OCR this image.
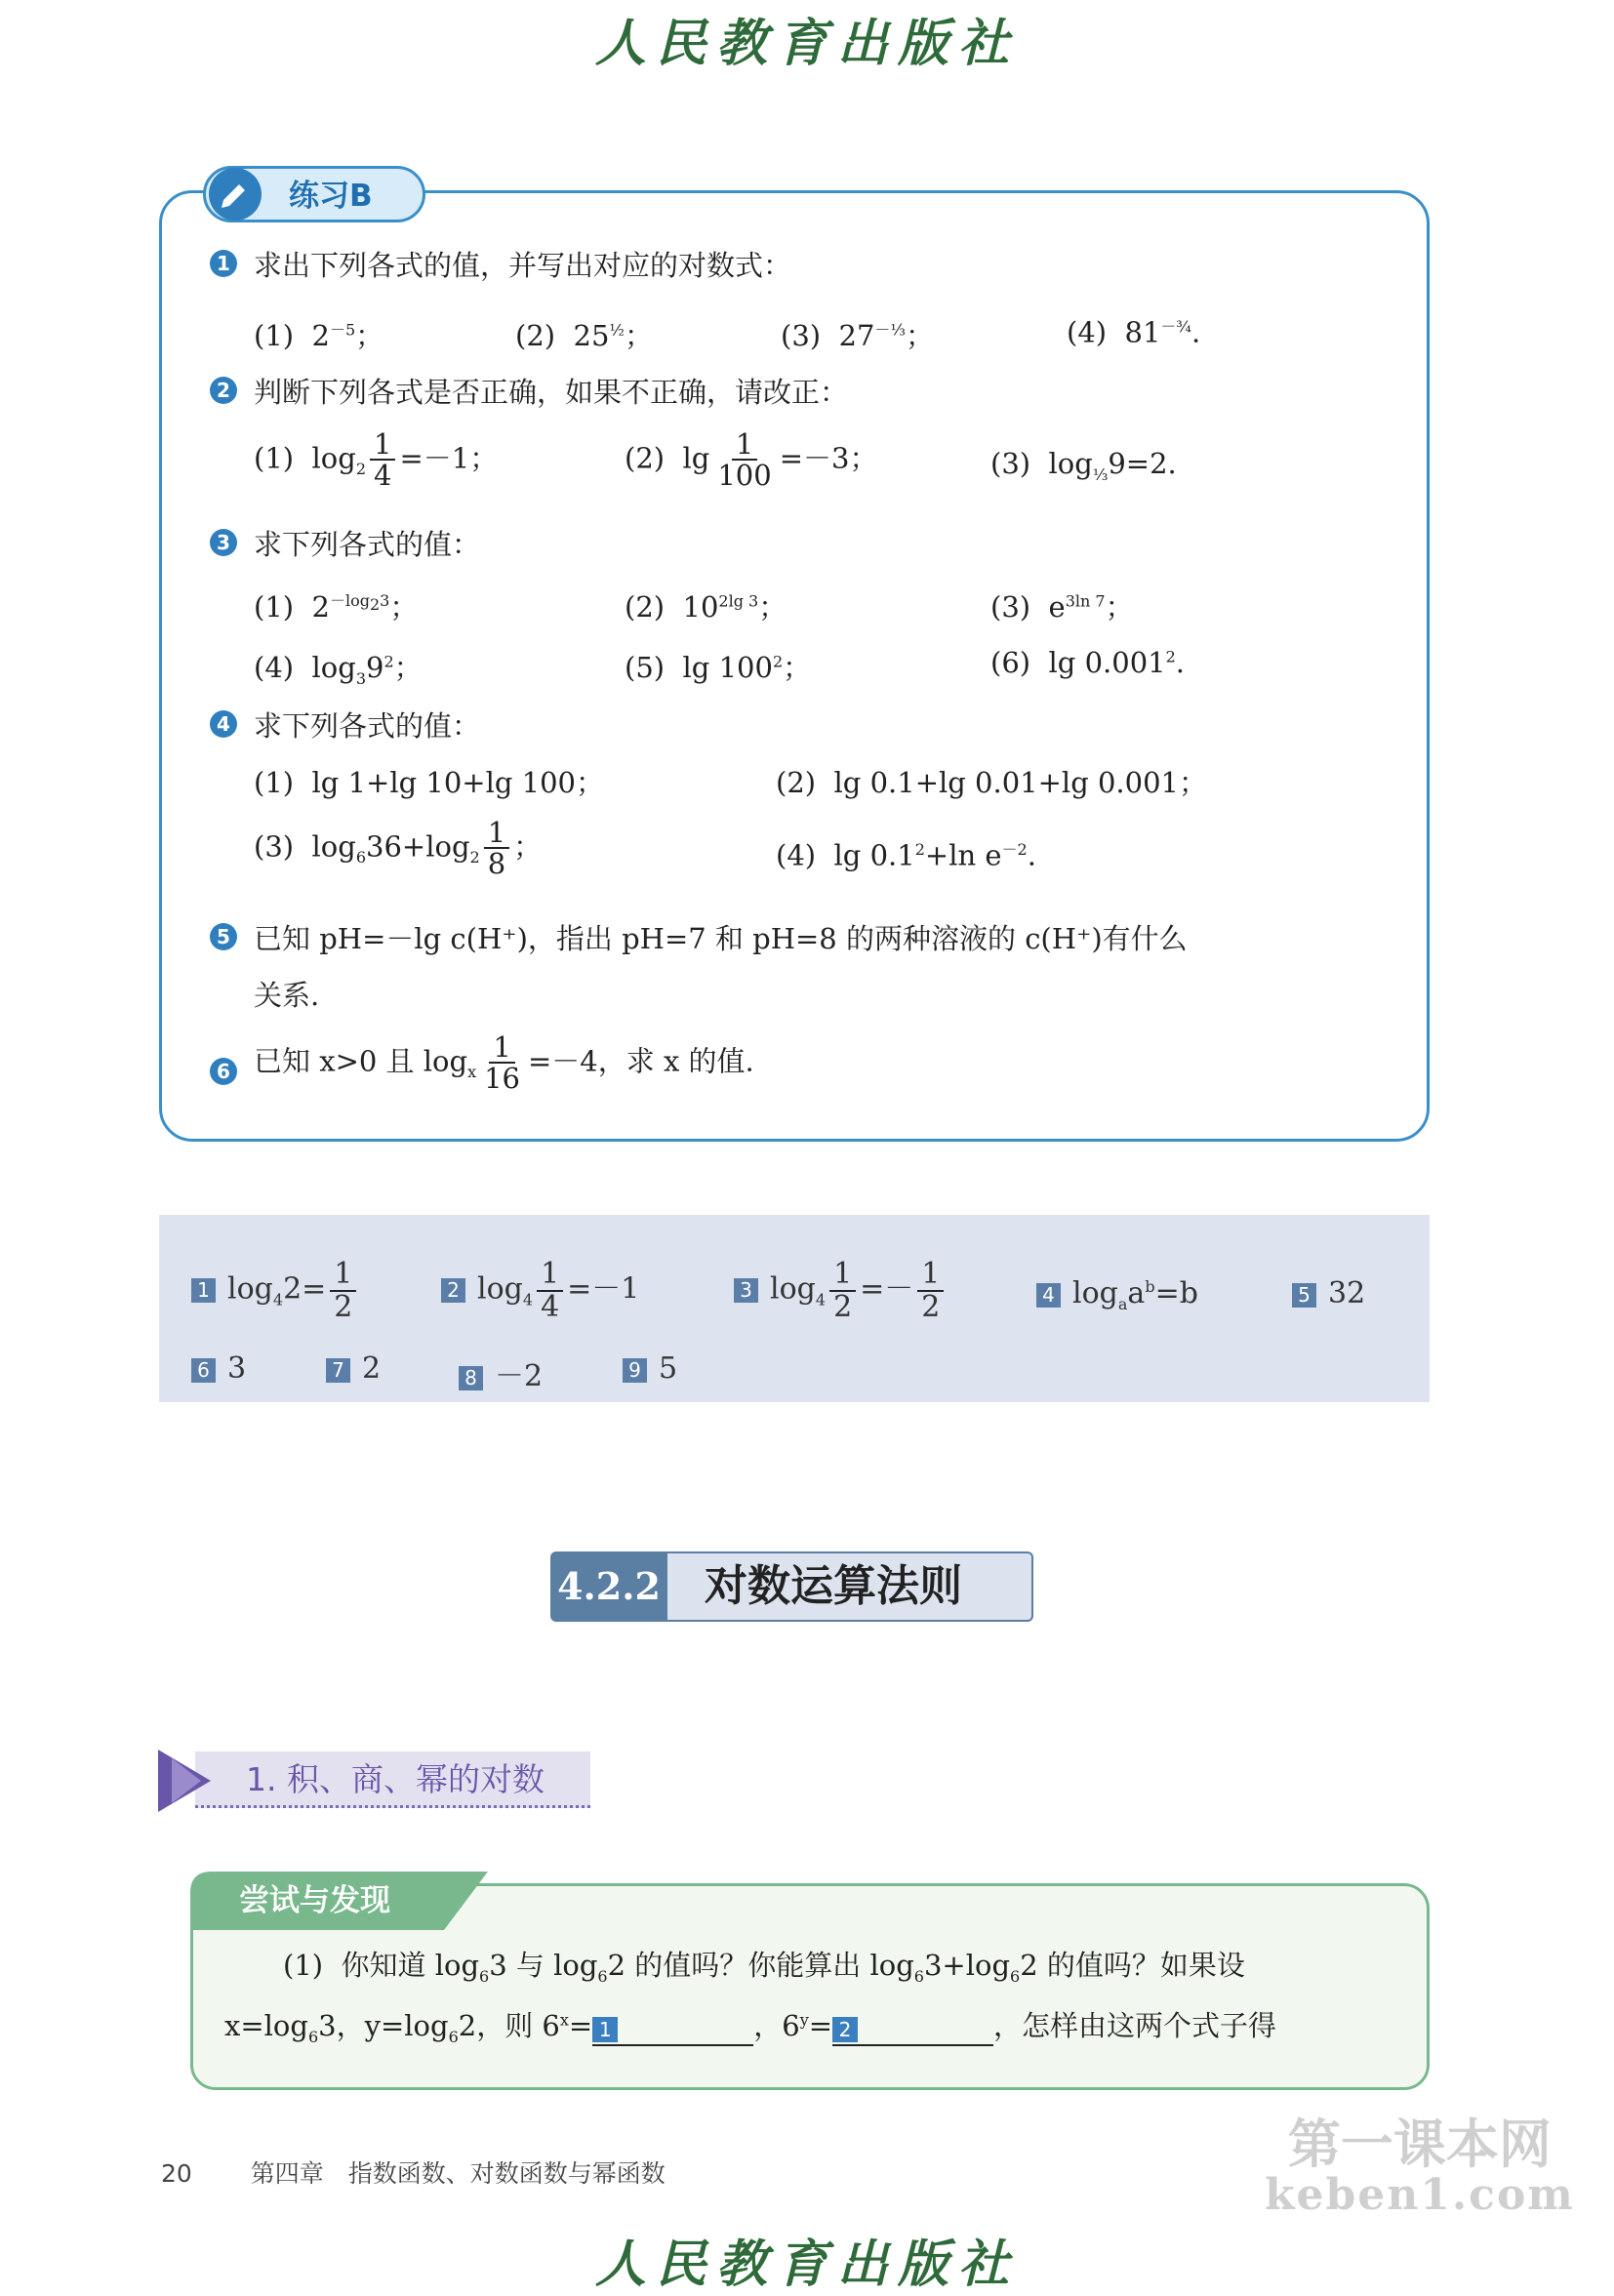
人民教育出版社
练习B
1 求出下列各式的值，并写出对应的对数式：
(1)  $2^{-5}$；	(2)  $25^{\frac{1}{2}}$；	(3)  $27^{-\frac{1}{3}}$；	(4)  $81^{-\frac{3}{4}}$.
2 判断下列各式是否正确，如果不正确，请改正：
(1)  $\log_2 \frac{1}{4} =-1$；	(2)  $\lg \frac{1}{100} =-3$；	(3)  $\log_{\frac{1}{3}}9=2$.
3 求下列各式的值：
(1)  $2^{-log_23}$；	(2)  $10^{2lg 3}$；	(3)  $e^{3ln 7}$；
(4)  $\log_39^2$；	(5)  $\lg 100^2$；	(6)  lg 0.001$^2$.
4 求下列各式的值：
(1)  lg 1+lg 10+lg 100；	(2)  lg 0.1+lg 0.01+lg 0.001；
(3)  $\log_636+\log_2 \frac{1}{8}$ ；	(4)  $\lg 0.1^2+\ln$ $e^{-2}$.
5 已知 pH=－lg c(H⁺)，指出 pH=7 和 pH=8 的两种溶液的 c(H⁺)有什么
关系.
6 已知 x>0 且 $\log_x \frac{1}{16} =-4$，求 x 的值.
1 $\log_42= \frac{1}{2}$	2 $\log_4 \frac{1}{4} =-1$	3 $\log_4 \frac{1}{2} =- \frac{1}{2}$	4 $\log_aa^b=b$	5 32
6 3	7 2	8 －2	9 5
4.2.2	对数运算法则
1. 积、商、幂的对数
尝试与发现
(1)  你知道 $\log_63$ 与 $\log_62$ 的值吗？你能算出 $\log_63+\log_62$ 的值吗？如果设
$x=\log_63$，$y=\log_62$，则 $6^x= 1$	，$6^y= 2$	，怎样由这两个式子得
20 第四章　指数函数、对数函数与幂函数	第一课本网
keben1.com
人民教育出版社
